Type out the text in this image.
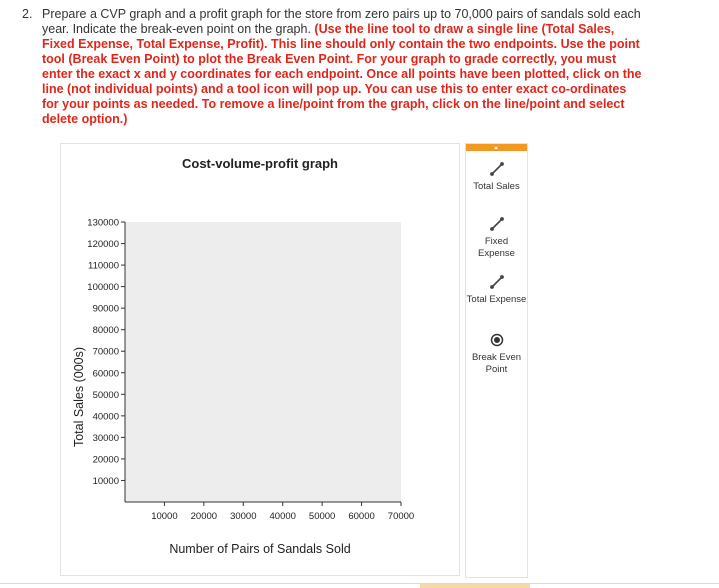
2. Prepare a CVP graph and a profit graph for the store from zero pairs up to 70,000 pairs of sandals sold each year. Indicate the break-even point on the graph. (Use the line tool to draw a single line (Total Sales, Fixed Expense, Total Expense, Profit). This line should only contain the two endpoints. Use the point tool (Break Even Point) to plot the Break Even Point. For your graph to grade correctly, you must enter the exact x and y coordinates for each endpoint. Once all points have been plotted, click on the line (not individual points) and a tool icon will pop up. You can use this to enter exact co-ordinates for your points as needed. To remove a line/point from the graph, click on the line/point and select delete option.)
Cost-volume-profit graph
10000
20000
30000
40000
50000
60000
70000
80000
90000
100000
110000
120000
130000
10000 20000 30000 40000 50000 60000 70000
Total Sales (000s)
Number of Pairs of Sandals Sold
Total Sales
Fixed Expense
Total Expense
Break Even Point
